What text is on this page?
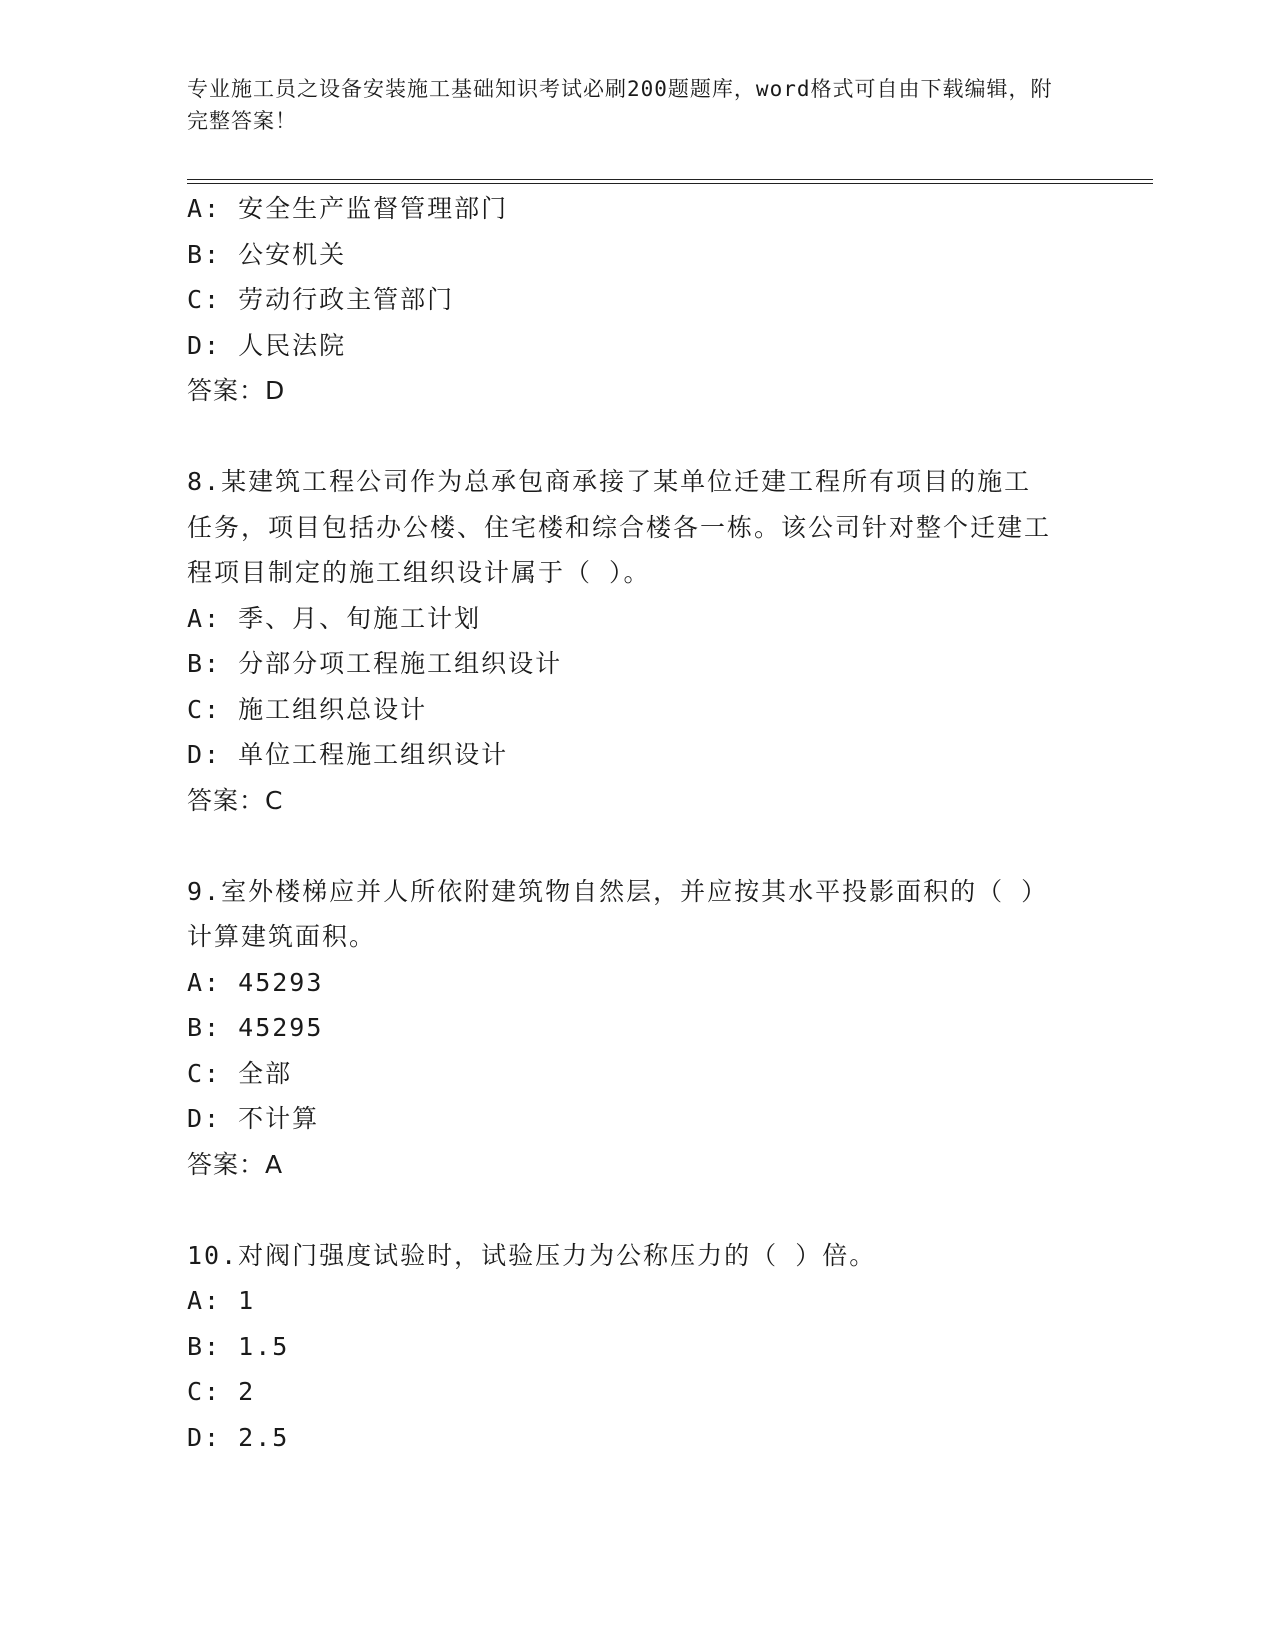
专业施工员之设备安装施工基础知识考试必刷200题题库，word格式可自由下载编辑，附完整答案！
A: 安全生产监督管理部门
B: 公安机关
C: 劳动行政主管部门
D: 人民法院
答案：D
8.某建筑工程公司作为总承包商承接了某单位迁建工程所有项目的施工任务，项目包括办公楼、住宅楼和综合楼各一栋。该公司针对整个迁建工程项目制定的施工组织设计属于（ ）。
A: 季、月、旬施工计划
B: 分部分项工程施工组织设计
C: 施工组织总设计
D: 单位工程施工组织设计
答案：C
9.室外楼梯应并人所依附建筑物自然层，并应按其水平投影面积的（ ）计算建筑面积。
A: 45293
B: 45295
C: 全部
D: 不计算
答案：A
10.对阀门强度试验时，试验压力为公称压力的（ ）倍。
A: 1
B: 1.5
C: 2
D: 2.5
